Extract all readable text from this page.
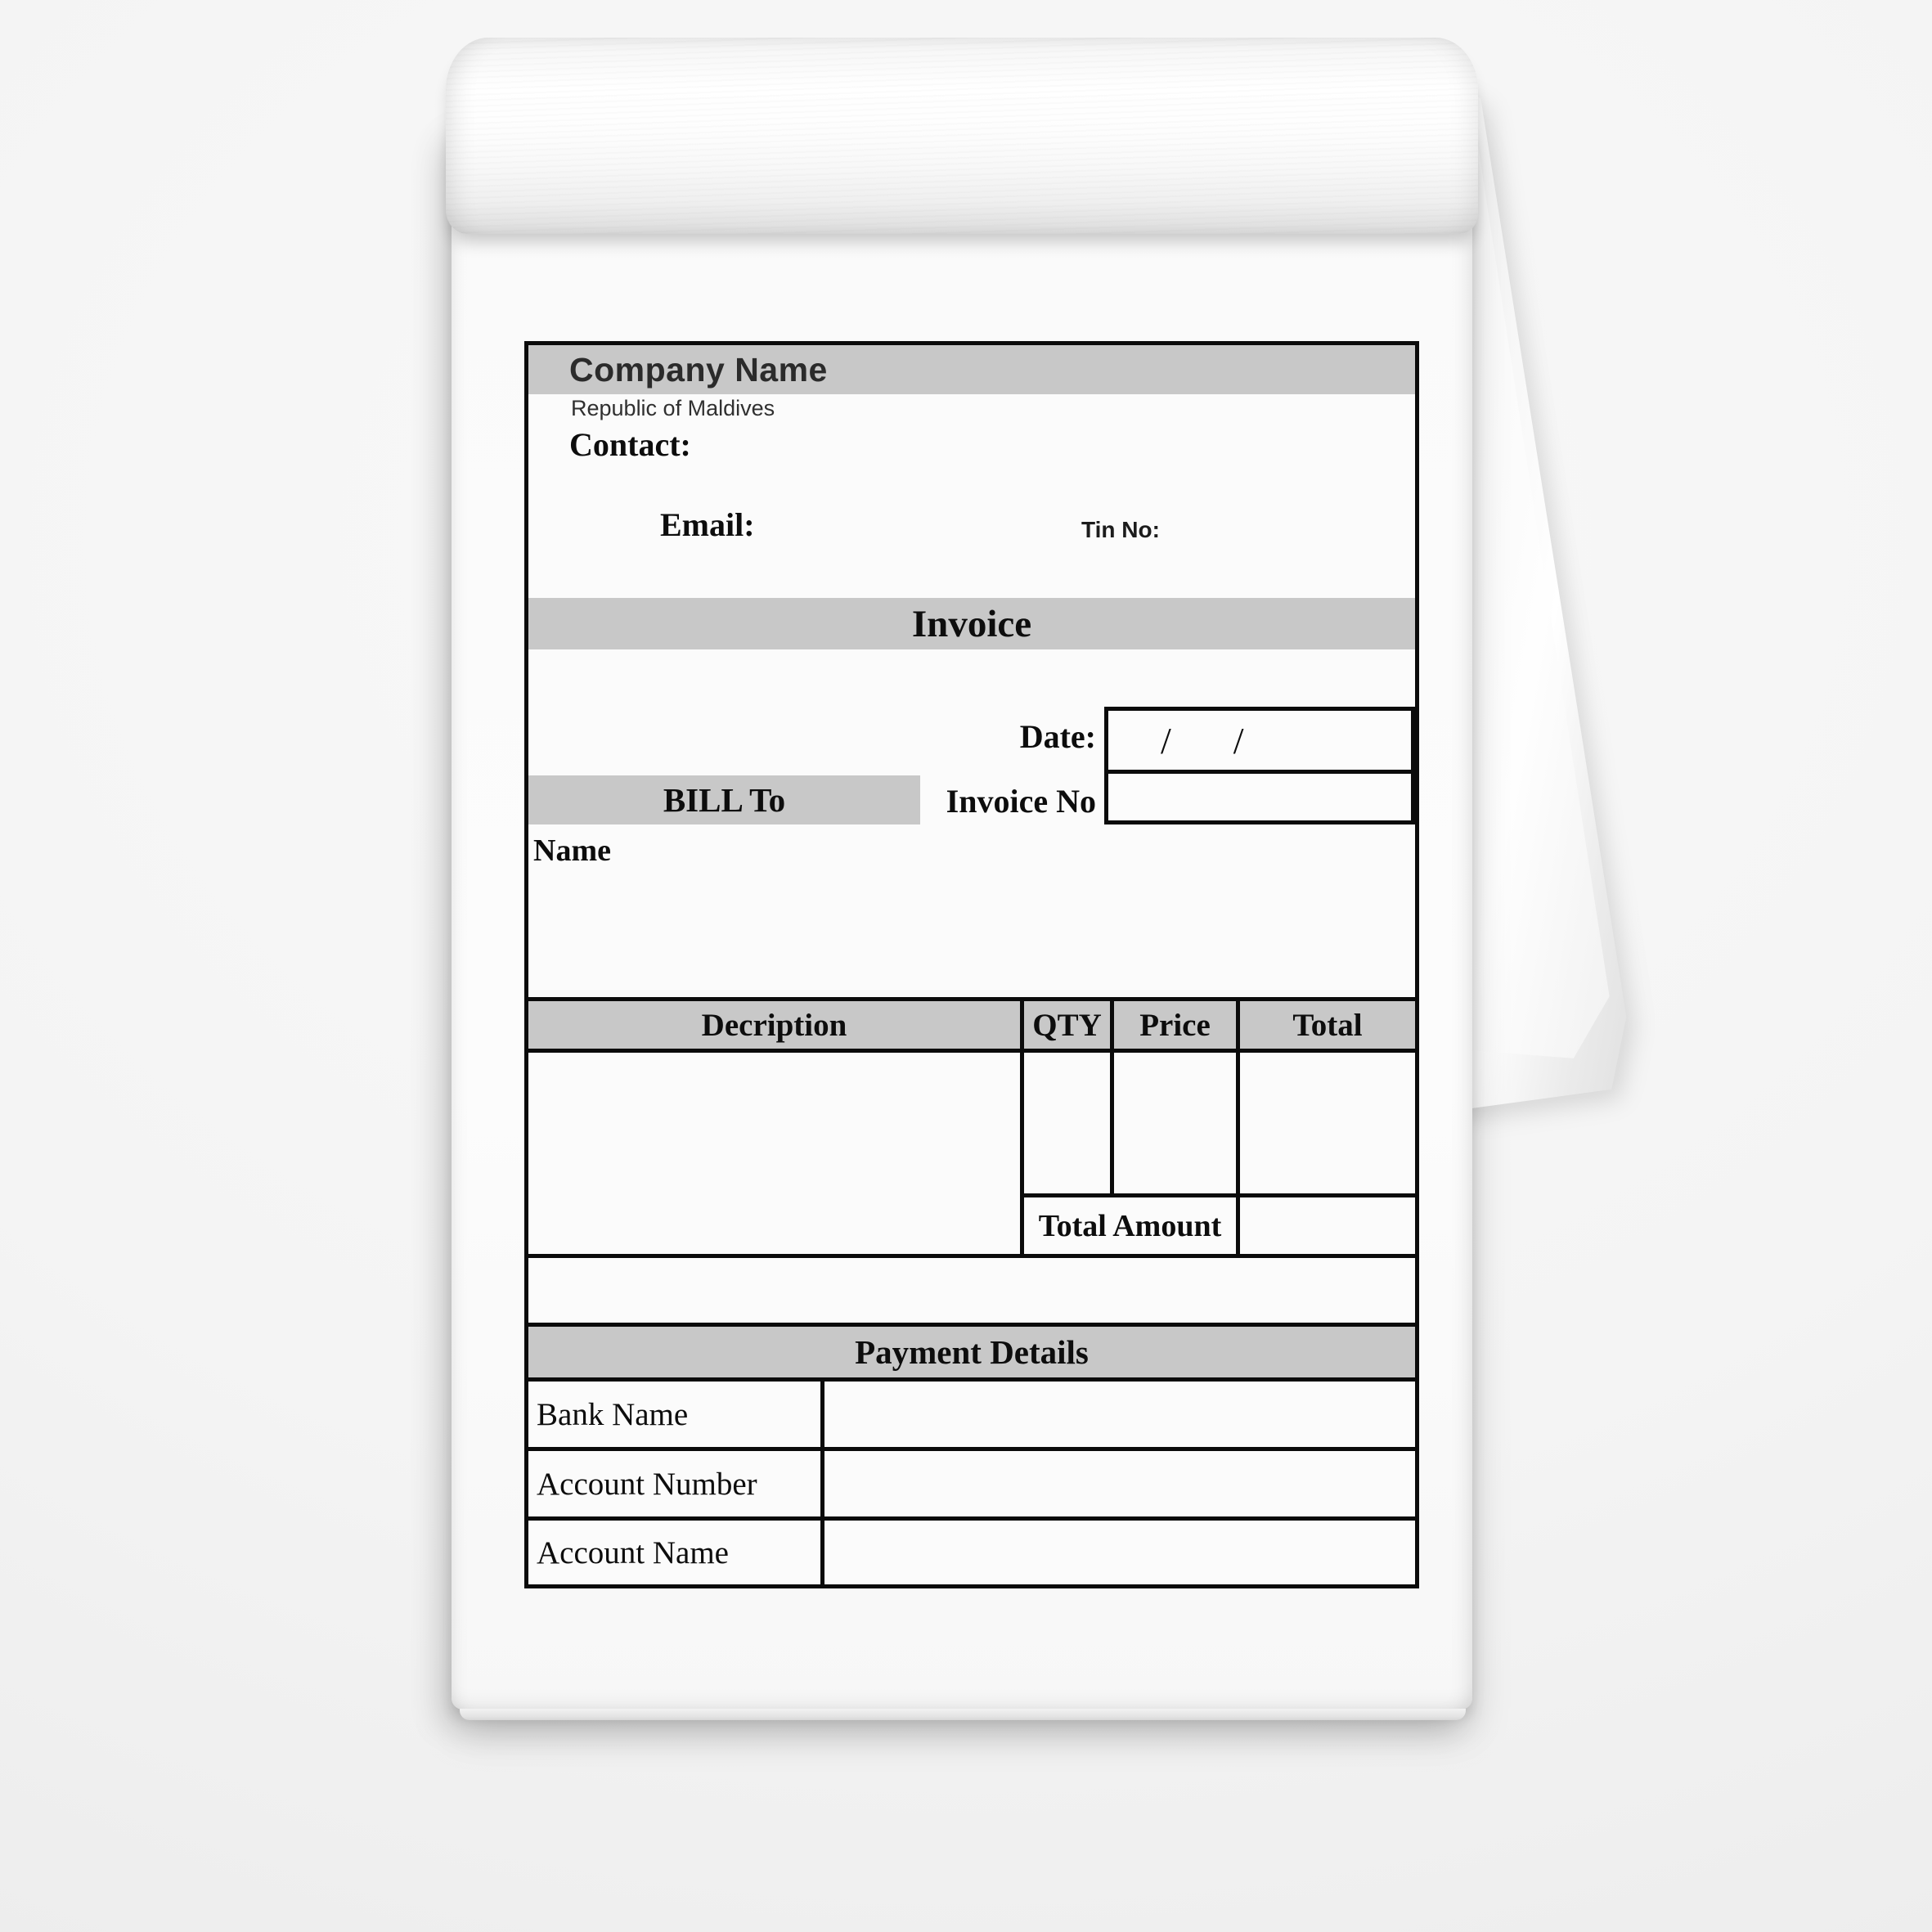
Company Name
Republic of Maldives
Contact:
Email:	Tin No:
Invoice
Date: / /
BILL To	Invoice No
Name
Decription	QTY	Price	Total
Total Amount
Payment Details
Bank Name
Account Number
Account Name
